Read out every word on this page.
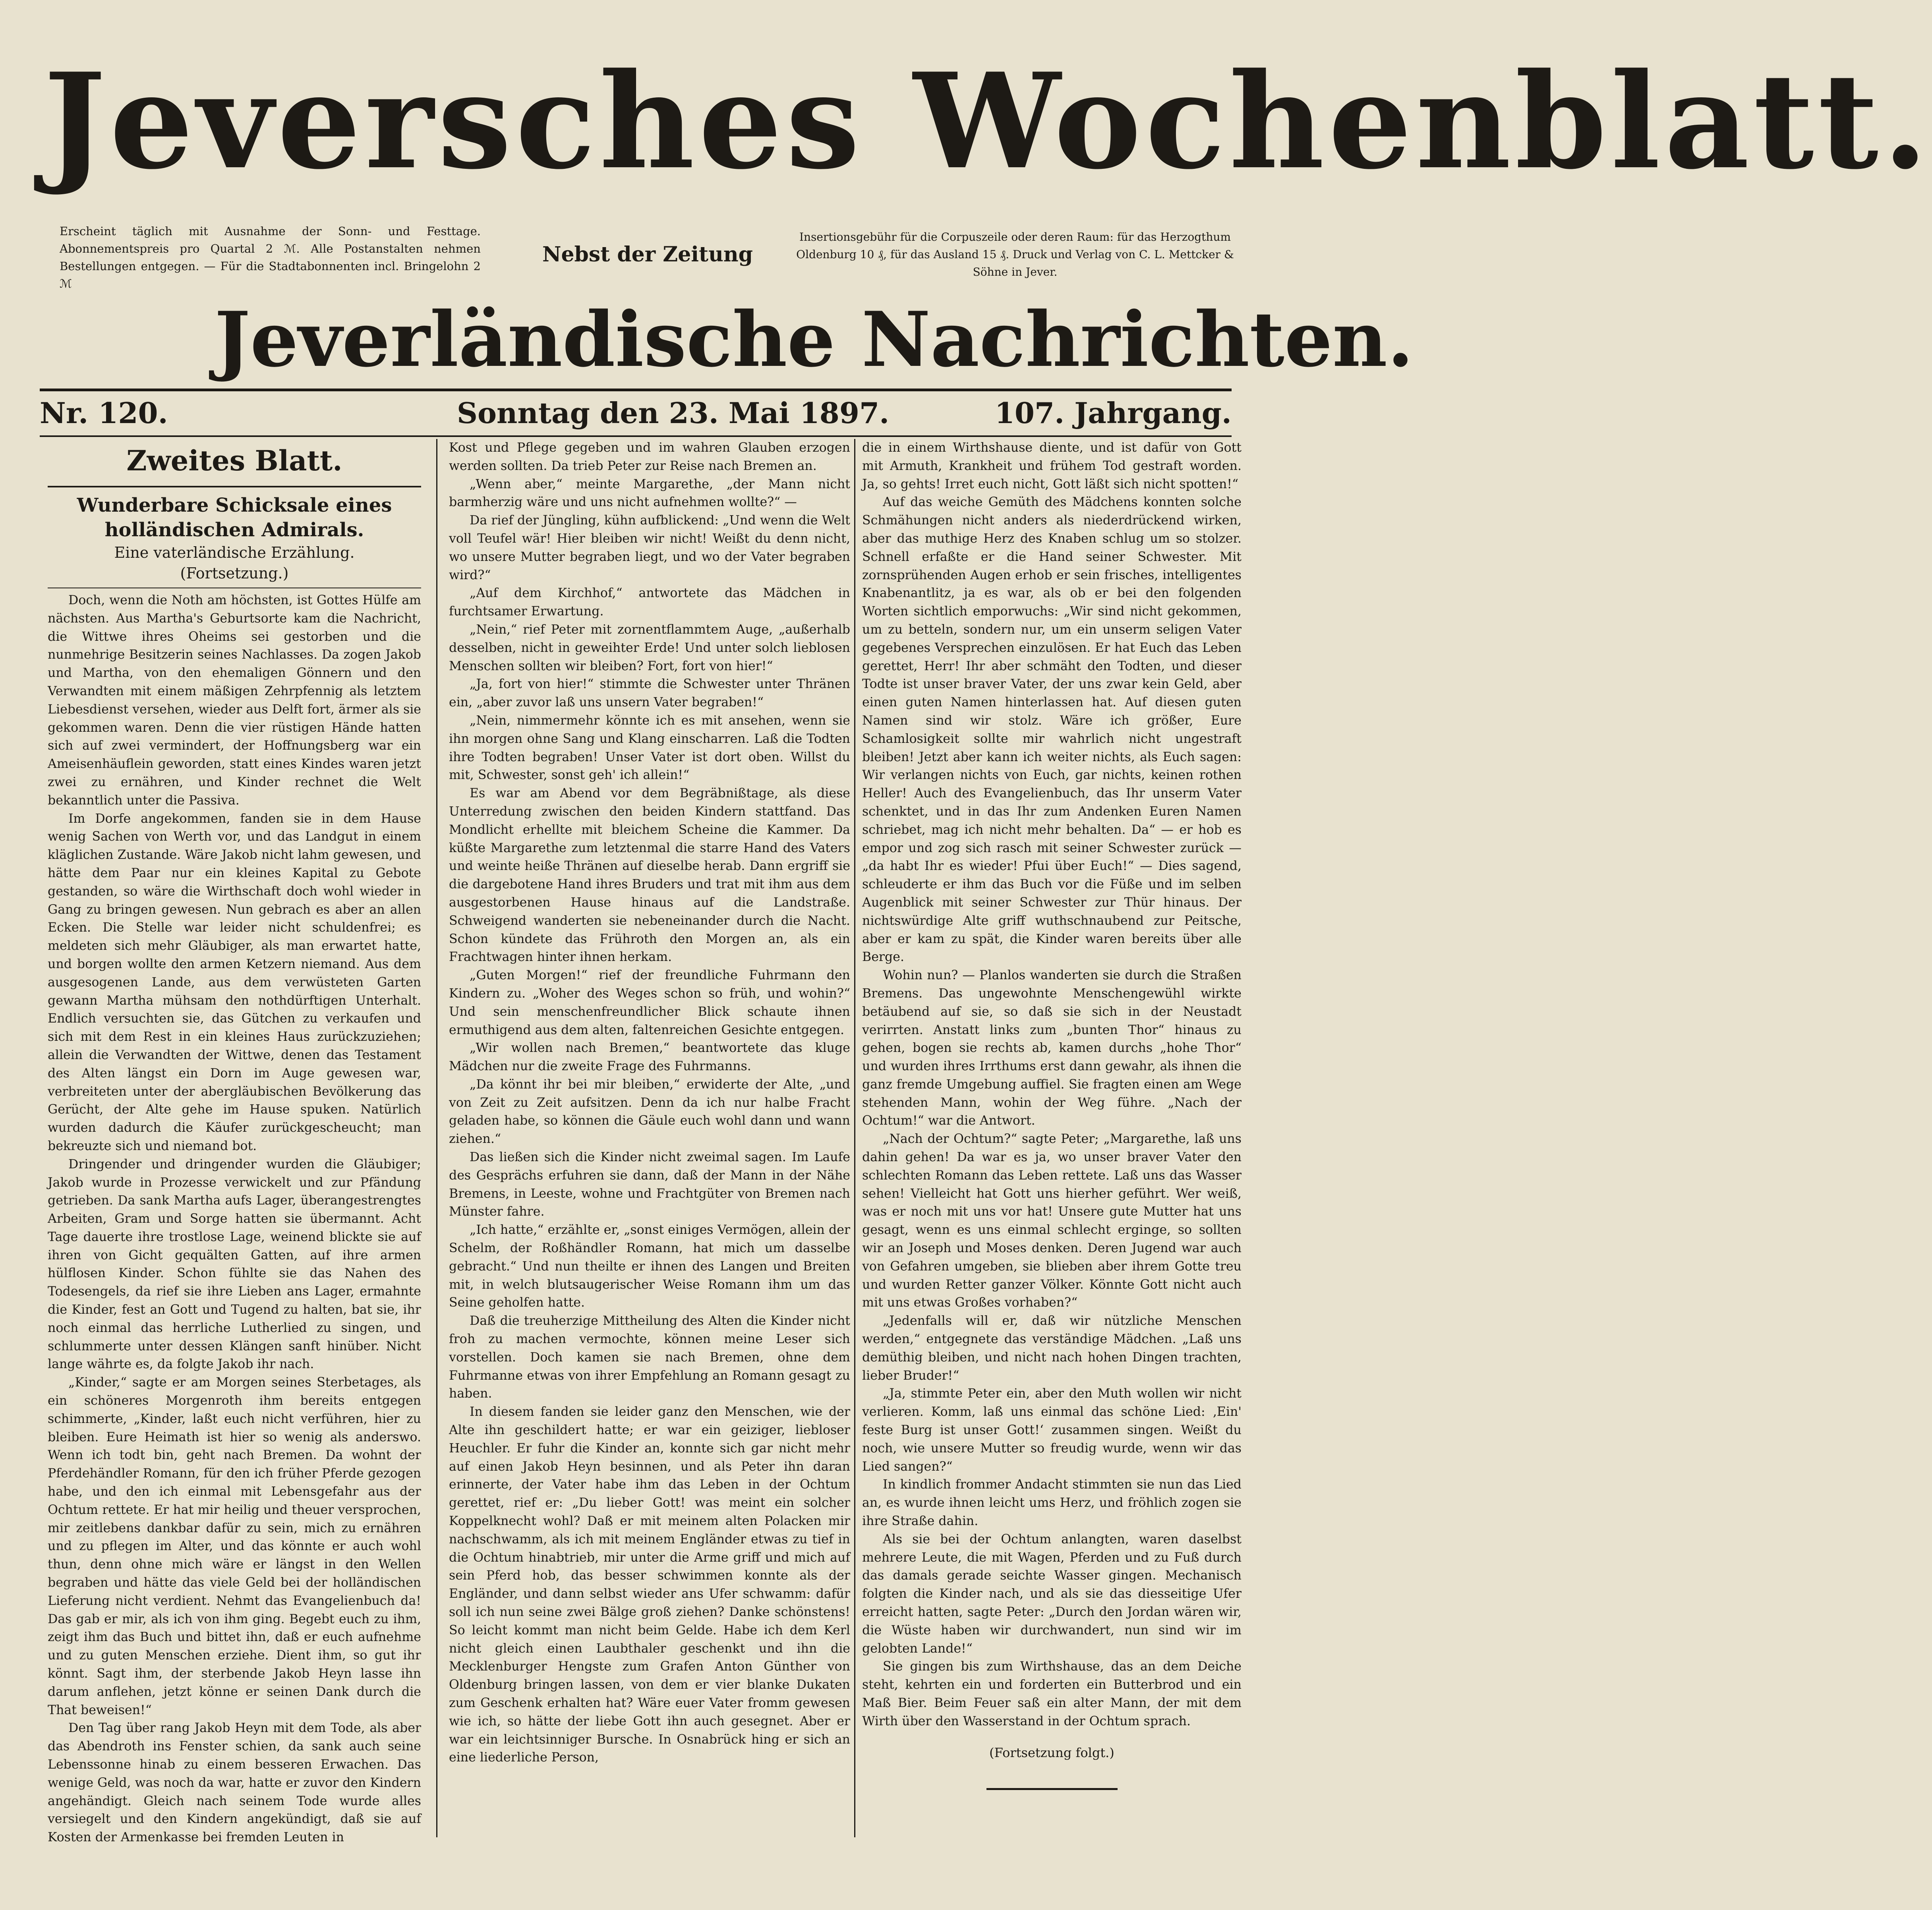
Jeversches Wochenblatt.
Erscheint täglich mit Ausnahme der Sonn- und Festtage. Abonnementspreis pro Quartal 2 ℳ. Alle Postanstalten nehmen Bestellungen entgegen. — Für die Stadtabonnenten incl. Bringelohn 2 ℳ
Nebst der Zeitung
Insertionsgebühr für die Corpuszeile oder deren Raum: für das Herzogthum Oldenburg 10 ₰, für das Ausland 15 ₰. Druck und Verlag von C. L. Mettcker & Söhne in Jever.
Jeverländische Nachrichten.
Nr. 120.	Sonntag den 23. Mai 1897.	107. Jahrgang.
Zweites Blatt.
Wunderbare Schicksale eines holländischen Admirals.
Eine vaterländische Erzählung.
(Fortsetzung.)

Doch, wenn die Noth am höchsten, ist Gottes Hülfe am nächsten. Aus Martha's Geburtsorte kam die Nachricht, die Wittwe ihres Oheims sei gestorben und die nunmehrige Besitzerin seines Nachlasses. Da zogen Jakob und Martha, von den ehemaligen Gönnern und den Verwandten mit einem mäßigen Zehrpfennig als letztem Liebesdienst versehen, wieder aus Delft fort, ärmer als sie gekommen waren. Denn die vier rüstigen Hände hatten sich auf zwei vermindert, der Hoffnungsberg war ein Ameisenhäuflein geworden, statt eines Kindes waren jetzt zwei zu ernähren, und Kinder rechnet die Welt bekanntlich unter die Passiva.

Im Dorfe angekommen, fanden sie in dem Hause wenig Sachen von Werth vor, und das Landgut in einem kläglichen Zustande. Wäre Jakob nicht lahm gewesen, und hätte dem Paar nur ein kleines Kapital zu Gebote gestanden, so wäre die Wirthschaft doch wohl wieder in Gang zu bringen gewesen. Nun gebrach es aber an allen Ecken. Die Stelle war leider nicht schuldenfrei; es meldeten sich mehr Gläubiger, als man erwartet hatte, und borgen wollte den armen Ketzern niemand. Aus dem ausgesogenen Lande, aus dem verwüsteten Garten gewann Martha mühsam den nothdürftigen Unterhalt. Endlich versuchten sie, das Gütchen zu verkaufen und sich mit dem Rest in ein kleines Haus zurückzuziehen; allein die Verwandten der Wittwe, denen das Testament des Alten längst ein Dorn im Auge gewesen war, verbreiteten unter der abergläubischen Bevölkerung das Gerücht, der Alte gehe im Hause spuken. Natürlich wurden dadurch die Käufer zurückgescheucht; man bekreuzte sich und niemand bot.

Dringender und dringender wurden die Gläubiger; Jakob wurde in Prozesse verwickelt und zur Pfändung getrieben. Da sank Martha aufs Lager, überangestrengtes Arbeiten, Gram und Sorge hatten sie übermannt. Acht Tage dauerte ihre trostlose Lage, weinend blickte sie auf ihren von Gicht gequälten Gatten, auf ihre armen hülflosen Kinder. Schon fühlte sie das Nahen des Todesengels, da rief sie ihre Lieben ans Lager, ermahnte die Kinder, fest an Gott und Tugend zu halten, bat sie, ihr noch einmal das herrliche Lutherlied zu singen, und schlummerte unter dessen Klängen sanft hinüber. Nicht lange währte es, da folgte Jakob ihr nach.

„Kinder,“ sagte er am Morgen seines Sterbetages, als ein schöneres Morgenroth ihm bereits entgegen schimmerte, „Kinder, laßt euch nicht verführen, hier zu bleiben. Eure Heimath ist hier so wenig als anderswo. Wenn ich todt bin, geht nach Bremen. Da wohnt der Pferdehändler Romann, für den ich früher Pferde gezogen habe, und den ich einmal mit Lebensgefahr aus der Ochtum rettete. Er hat mir heilig und theuer versprochen, mir zeitlebens dankbar dafür zu sein, mich zu ernähren und zu pflegen im Alter, und das könnte er auch wohl thun, denn ohne mich wäre er längst in den Wellen begraben und hätte das viele Geld bei der holländischen Lieferung nicht verdient. Nehmt das Evangelienbuch da! Das gab er mir, als ich von ihm ging. Begebt euch zu ihm, zeigt ihm das Buch und bittet ihn, daß er euch aufnehme und zu guten Menschen erziehe. Dient ihm, so gut ihr könnt. Sagt ihm, der sterbende Jakob Heyn lasse ihn darum anflehen, jetzt könne er seinen Dank durch die That beweisen!“

Den Tag über rang Jakob Heyn mit dem Tode, als aber das Abendroth ins Fenster schien, da sank auch seine Lebenssonne hinab zu einem besseren Erwachen. Das wenige Geld, was noch da war, hatte er zuvor den Kindern angehändigt. Gleich nach seinem Tode wurde alles versiegelt und den Kindern angekündigt, daß sie auf Kosten der Armenkasse bei fremden Leuten in

Kost und Pflege gegeben und im wahren Glauben erzogen werden sollten. Da trieb Peter zur Reise nach Bremen an.

„Wenn aber,“ meinte Margarethe, „der Mann nicht barmherzig wäre und uns nicht aufnehmen wollte?“ —

Da rief der Jüngling, kühn aufblickend: „Und wenn die Welt voll Teufel wär! Hier bleiben wir nicht! Weißt du denn nicht, wo unsere Mutter begraben liegt, und wo der Vater begraben wird?“

„Auf dem Kirchhof,“ antwortete das Mädchen in furchtsamer Erwartung.

„Nein,“ rief Peter mit zornentflammtem Auge, „außerhalb desselben, nicht in geweihter Erde! Und unter solch lieblosen Menschen sollten wir bleiben? Fort, fort von hier!“

„Ja, fort von hier!“ stimmte die Schwester unter Thränen ein, „aber zuvor laß uns unsern Vater begraben!“

„Nein, nimmermehr könnte ich es mit ansehen, wenn sie ihn morgen ohne Sang und Klang einscharren. Laß die Todten ihre Todten begraben! Unser Vater ist dort oben. Willst du mit, Schwester, sonst geh' ich allein!“

Es war am Abend vor dem Begräbnißtage, als diese Unterredung zwischen den beiden Kindern stattfand. Das Mondlicht erhellte mit bleichem Scheine die Kammer. Da küßte Margarethe zum letztenmal die starre Hand des Vaters und weinte heiße Thränen auf dieselbe herab. Dann ergriff sie die dargebotene Hand ihres Bruders und trat mit ihm aus dem ausgestorbenen Hause hinaus auf die Landstraße. Schweigend wanderten sie nebeneinander durch die Nacht. Schon kündete das Frühroth den Morgen an, als ein Frachtwagen hinter ihnen herkam.

„Guten Morgen!“ rief der freundliche Fuhrmann den Kindern zu. „Woher des Weges schon so früh, und wohin?“ Und sein menschenfreundlicher Blick schaute ihnen ermuthigend aus dem alten, faltenreichen Gesichte entgegen.

„Wir wollen nach Bremen,“ beantwortete das kluge Mädchen nur die zweite Frage des Fuhrmanns.

„Da könnt ihr bei mir bleiben,“ erwiderte der Alte, „und von Zeit zu Zeit aufsitzen. Denn da ich nur halbe Fracht geladen habe, so können die Gäule euch wohl dann und wann ziehen.“

Das ließen sich die Kinder nicht zweimal sagen. Im Laufe des Gesprächs erfuhren sie dann, daß der Mann in der Nähe Bremens, in Leeste, wohne und Frachtgüter von Bremen nach Münster fahre.

„Ich hatte,“ erzählte er, „sonst einiges Vermögen, allein der Schelm, der Roßhändler Romann, hat mich um dasselbe gebracht.“ Und nun theilte er ihnen des Langen und Breiten mit, in welch blutsaugerischer Weise Romann ihm um das Seine geholfen hatte.

Daß die treuherzige Mittheilung des Alten die Kinder nicht froh zu machen vermochte, können meine Leser sich vorstellen. Doch kamen sie nach Bremen, ohne dem Fuhrmanne etwas von ihrer Empfehlung an Romann gesagt zu haben.

In diesem fanden sie leider ganz den Menschen, wie der Alte ihn geschildert hatte; er war ein geiziger, liebloser Heuchler. Er fuhr die Kinder an, konnte sich gar nicht mehr auf einen Jakob Heyn besinnen, und als Peter ihn daran erinnerte, der Vater habe ihm das Leben in der Ochtum gerettet, rief er: „Du lieber Gott! was meint ein solcher Koppelknecht wohl? Daß er mit meinem alten Polacken mir nachschwamm, als ich mit meinem Engländer etwas zu tief in die Ochtum hinabtrieb, mir unter die Arme griff und mich auf sein Pferd hob, das besser schwimmen konnte als der Engländer, und dann selbst wieder ans Ufer schwamm: dafür soll ich nun seine zwei Bälge groß ziehen? Danke schönstens! So leicht kommt man nicht beim Gelde. Habe ich dem Kerl nicht gleich einen Laubthaler geschenkt und ihn die Mecklenburger Hengste zum Grafen Anton Günther von Oldenburg bringen lassen, von dem er vier blanke Dukaten zum Geschenk erhalten hat? Wäre euer Vater fromm gewesen wie ich, so hätte der liebe Gott ihn auch gesegnet. Aber er war ein leichtsinniger Bursche. In Osnabrück hing er sich an eine liederliche Person,

die in einem Wirthshause diente, und ist dafür von Gott mit Armuth, Krankheit und frühem Tod gestraft worden. Ja, so gehts! Irret euch nicht, Gott läßt sich nicht spotten!“

Auf das weiche Gemüth des Mädchens konnten solche Schmähungen nicht anders als niederdrückend wirken, aber das muthige Herz des Knaben schlug um so stolzer. Schnell erfaßte er die Hand seiner Schwester. Mit zornsprühenden Augen erhob er sein frisches, intelligentes Knabenantlitz, ja es war, als ob er bei den folgenden Worten sichtlich emporwuchs: „Wir sind nicht gekommen, um zu betteln, sondern nur, um ein unserm seligen Vater gegebenes Versprechen einzulösen. Er hat Euch das Leben gerettet, Herr! Ihr aber schmäht den Todten, und dieser Todte ist unser braver Vater, der uns zwar kein Geld, aber einen guten Namen hinterlassen hat. Auf diesen guten Namen sind wir stolz. Wäre ich größer, Eure Schamlosigkeit sollte mir wahrlich nicht ungestraft bleiben! Jetzt aber kann ich weiter nichts, als Euch sagen: Wir verlangen nichts von Euch, gar nichts, keinen rothen Heller! Auch des Evangelienbuch, das Ihr unserm Vater schenktet, und in das Ihr zum Andenken Euren Namen schriebet, mag ich nicht mehr behalten. Da“ — er hob es empor und zog sich rasch mit seiner Schwester zurück — „da habt Ihr es wieder! Pfui über Euch!“ — Dies sagend, schleuderte er ihm das Buch vor die Füße und im selben Augenblick mit seiner Schwester zur Thür hinaus. Der nichtswürdige Alte griff wuthschnaubend zur Peitsche, aber er kam zu spät, die Kinder waren bereits über alle Berge.

Wohin nun? — Planlos wanderten sie durch die Straßen Bremens. Das ungewohnte Menschengewühl wirkte betäubend auf sie, so daß sie sich in der Neustadt verirrten. Anstatt links zum „bunten Thor“ hinaus zu gehen, bogen sie rechts ab, kamen durchs „hohe Thor“ und wurden ihres Irrthums erst dann gewahr, als ihnen die ganz fremde Umgebung auffiel. Sie fragten einen am Wege stehenden Mann, wohin der Weg führe. „Nach der Ochtum!“ war die Antwort.

„Nach der Ochtum?“ sagte Peter; „Margarethe, laß uns dahin gehen! Da war es ja, wo unser braver Vater den schlechten Romann das Leben rettete. Laß uns das Wasser sehen! Vielleicht hat Gott uns hierher geführt. Wer weiß, was er noch mit uns vor hat! Unsere gute Mutter hat uns gesagt, wenn es uns einmal schlecht erginge, so sollten wir an Joseph und Moses denken. Deren Jugend war auch von Gefahren umgeben, sie blieben aber ihrem Gotte treu und wurden Retter ganzer Völker. Könnte Gott nicht auch mit uns etwas Großes vorhaben?“

„Jedenfalls will er, daß wir nützliche Menschen werden,“ entgegnete das verständige Mädchen. „Laß uns demüthig bleiben, und nicht nach hohen Dingen trachten, lieber Bruder!“

„Ja, stimmte Peter ein, aber den Muth wollen wir nicht verlieren. Komm, laß uns einmal das schöne Lied: ‚Ein' feste Burg ist unser Gott!‘ zusammen singen. Weißt du noch, wie unsere Mutter so freudig wurde, wenn wir das Lied sangen?“

In kindlich frommer Andacht stimmten sie nun das Lied an, es wurde ihnen leicht ums Herz, und fröhlich zogen sie ihre Straße dahin.

Als sie bei der Ochtum anlangten, waren daselbst mehrere Leute, die mit Wagen, Pferden und zu Fuß durch das damals gerade seichte Wasser gingen. Mechanisch folgten die Kinder nach, und als sie das diesseitige Ufer erreicht hatten, sagte Peter: „Durch den Jordan wären wir, die Wüste haben wir durchwandert, nun sind wir im gelobten Lande!“

Sie gingen bis zum Wirthshause, das an dem Deiche steht, kehrten ein und forderten ein Butterbrod und ein Maß Bier. Beim Feuer saß ein alter Mann, der mit dem Wirth über den Wasserstand in der Ochtum sprach.

(Fortsetzung folgt.)
